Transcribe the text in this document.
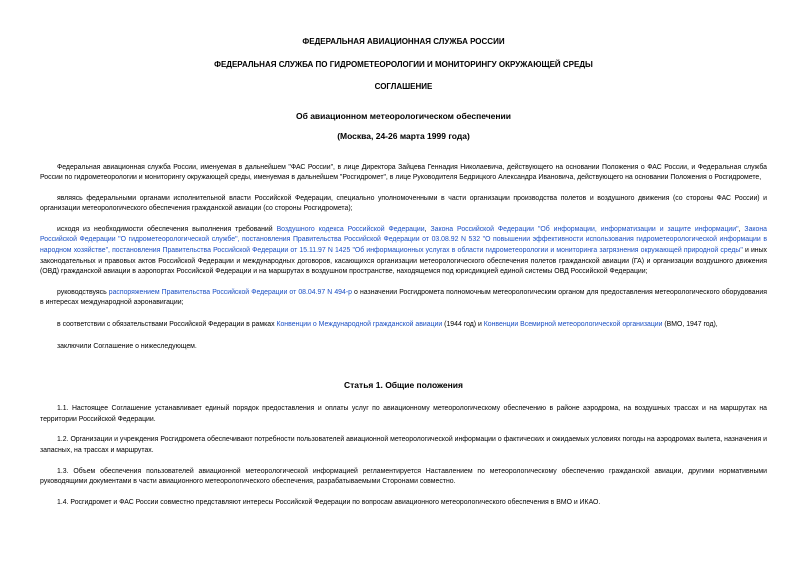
ФЕДЕРАЛЬНАЯ АВИАЦИОННАЯ СЛУЖБА РОССИИ

ФЕДЕРАЛЬНАЯ СЛУЖБА ПО ГИДРОМЕТЕОРОЛОГИИ И МОНИТОРИНГУ ОКРУЖАЮЩЕЙ СРЕДЫ

СОГЛАШЕНИЕ

Об авиационном метеорологическом обеспечении

(Москва, 24-26 марта 1999 года)

Федеральная авиационная служба России, именуемая в дальнейшем "ФАС России", в лице Директора Зайцева Геннадия Николаевича, действующего на основании Положения о ФАС России, и Федеральная служба России по гидрометеорологии и мониторингу окружающей среды, именуемая в дальнейшем "Росгидромет", в лице Руководителя Бедрицкого Александра Ивановича, действующего на основании Положения о Росгидромете,

являясь федеральными органами исполнительной власти Российской Федерации, специально уполномоченными в части организации производства полетов и воздушного движения (со стороны ФАС России) и организации метеорологического обеспечения гражданской авиации (со стороны Росгидромета);

исходя из необходимости обеспечения выполнения требований Воздушного кодекса Российской Федерации, Закона Российской Федерации "Об информации, информатизации и защите информации", Закона Российской Федерации "О гидрометеорологической службе", постановления Правительства Российской Федерации от 03.08.92 N 532 "О повышении эффективности использования гидрометеорологической информации в народном хозяйстве", постановления Правительства Российской Федерации от 15.11.97 N 1425 "Об информационных услугах в области гидрометеорологии и мониторинга загрязнения окружающей природной среды" и иных законодательных и правовых актов Российской Федерации и международных договоров, касающихся организации метеорологического обеспечения полетов гражданской авиации (ГА) и организации воздушного движения (ОВД) гражданской авиации в аэропортах Российской Федерации и на маршрутах в воздушном пространстве, находящемся под юрисдикцией единой системы ОВД Российской Федерации;

руководствуясь распоряжением Правительства Российской Федерации от 08.04.97 N 494-р о назначении Росгидромета полномочным метеорологическим органом для предоставления метеорологического оборудования в интересах международной аэронавигации;

в соответствии с обязательствами Российской Федерации в рамках Конвенции о Международной гражданской авиации (1944 год) и Конвенции Всемирной метеорологической организации (ВМО, 1947 год),

заключили Соглашение о нижеследующем.

Статья 1. Общие положения

1.1. Настоящее Соглашение устанавливает единый порядок предоставления и оплаты услуг по авиационному метеорологическому обеспечению в районе аэродрома, на воздушных трассах и на маршрутах на территории Российской Федерации.

1.2. Организации и учреждения Росгидромета обеспечивают потребности пользователей авиационной метеорологической информации о фактических и ожидаемых условиях погоды на аэродромах вылета, назначения и запасных, на трассах и маршрутах.

1.3. Объем обеспечения пользователей авиационной метеорологической информацией регламентируется Наставлением по метеорологическому обеспечению гражданской авиации, другими нормативными руководящими документами в части авиационного метеорологического обеспечения, разрабатываемыми Сторонами совместно.

1.4. Росгидромет и ФАС России совместно представляют интересы Российской Федерации по вопросам авиационного метеорологического обеспечения в ВМО и ИКАО.
